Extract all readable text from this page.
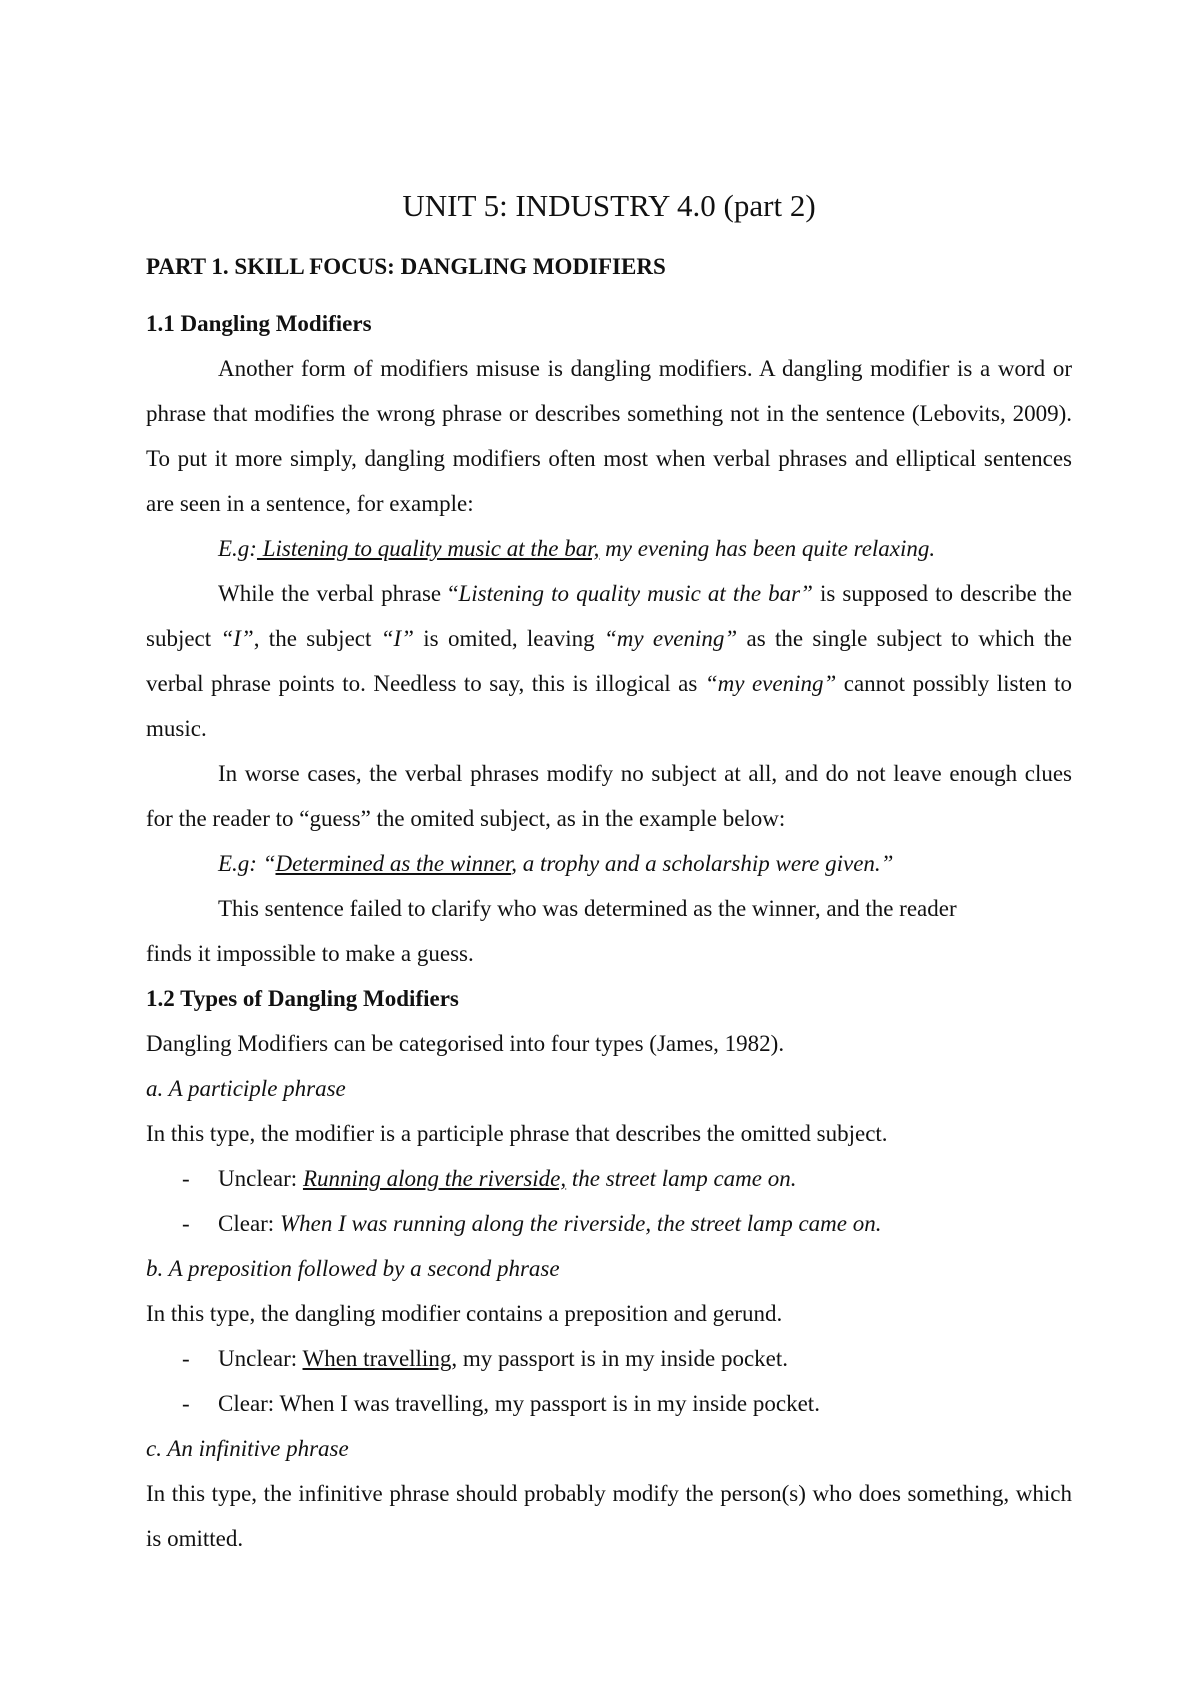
UNIT 5: INDUSTRY 4.0 (part 2)

PART 1. SKILL FOCUS: DANGLING MODIFIERS

1.1 Dangling Modifiers

Another form of modifiers misuse is dangling modifiers. A dangling modifier is a word or phrase that modifies the wrong phrase or describes something not in the sentence (Lebovits, 2009). To put it more simply, dangling modifiers often most when verbal phrases and elliptical sentences are seen in a sentence, for example:

E.g: Listening to quality music at the bar, my evening has been quite relaxing.

While the verbal phrase “Listening to quality music at the bar” is supposed to describe the subject “I”, the subject “I” is omited, leaving “my evening” as the single subject to which the verbal phrase points to. Needless to say, this is illogical as “my evening” cannot possibly listen to music.

In worse cases, the verbal phrases modify no subject at all, and do not leave enough clues for the reader to “guess” the omited subject, as in the example below:

E.g: “Determined as the winner, a trophy and a scholarship were given.”

This sentence failed to clarify who was determined as the winner, and the reader

finds it impossible to make a guess.

1.2 Types of Dangling Modifiers

Dangling Modifiers can be categorised into four types (James, 1982).

a. A participle phrase

In this type, the modifier is a participle phrase that describes the omitted subject.

-	Unclear: Running along the riverside, the street lamp came on.
-	Clear: When I was running along the riverside, the street lamp came on.

b. A preposition followed by a second phrase

In this type, the dangling modifier contains a preposition and gerund.

-	Unclear: When travelling, my passport is in my inside pocket.
-	Clear: When I was travelling, my passport is in my inside pocket.

c. An infinitive phrase

In this type, the infinitive phrase should probably modify the person(s) who does something, which is omitted.
